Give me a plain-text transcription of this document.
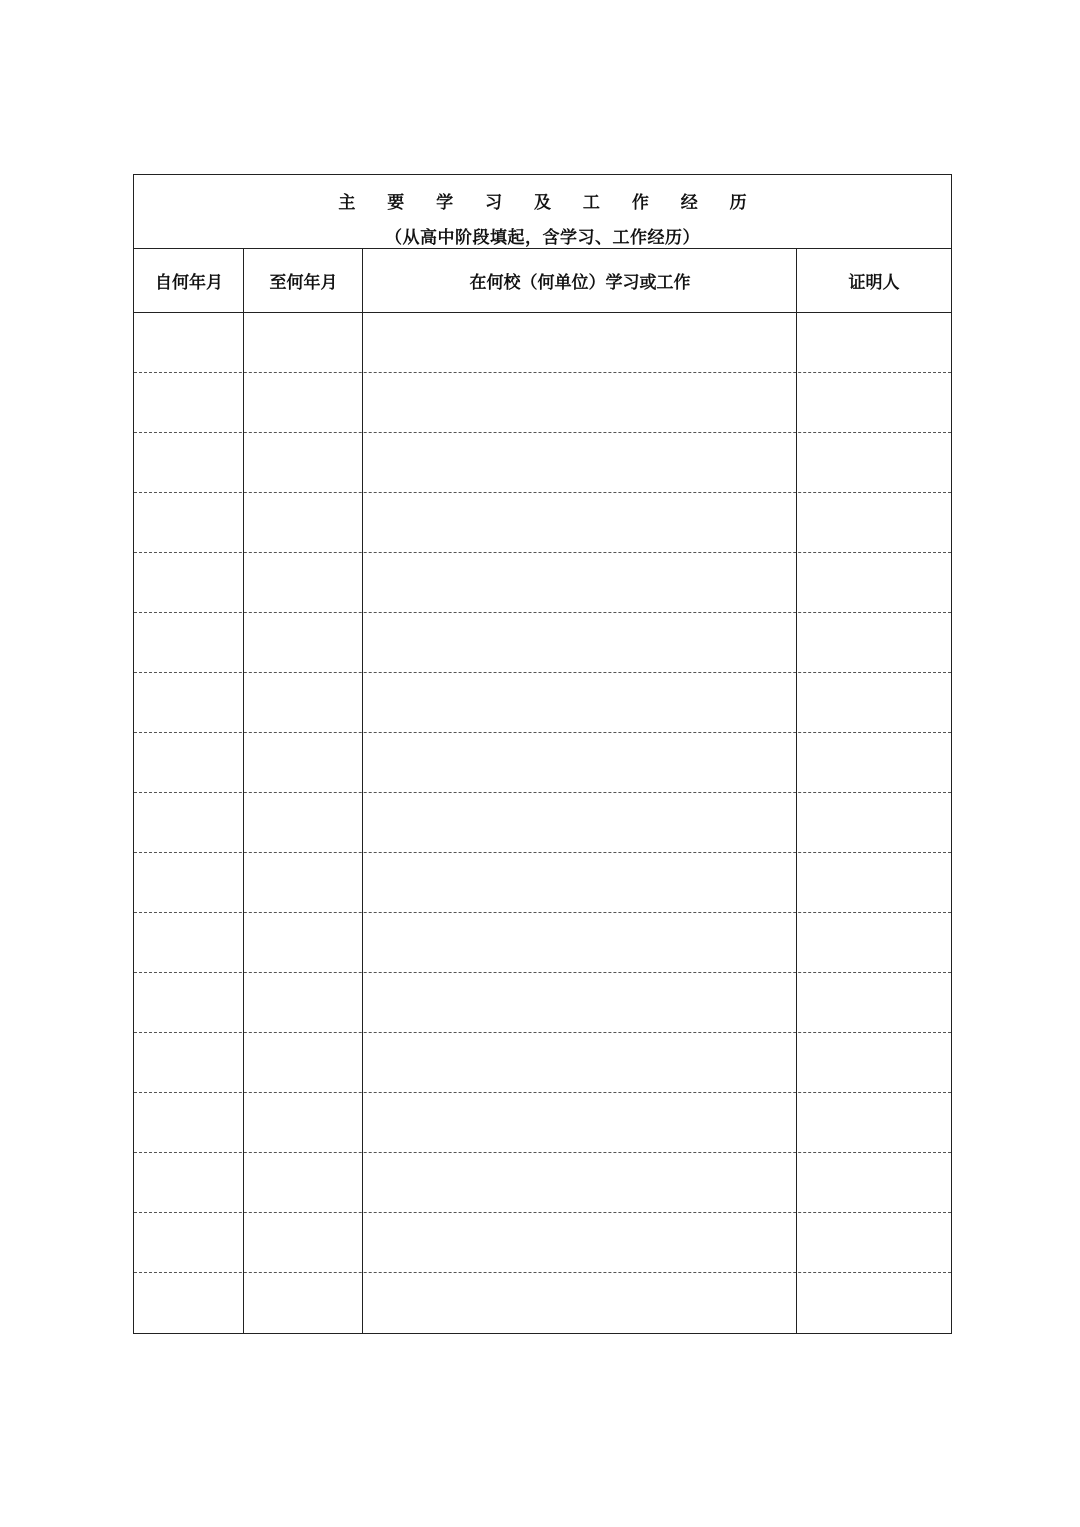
主 要 学 习 及 工 作 经 历
（从高中阶段填起，含学习、工作经历）
自何年月	至何年月	在何校（何单位）学习或工作	证明人
